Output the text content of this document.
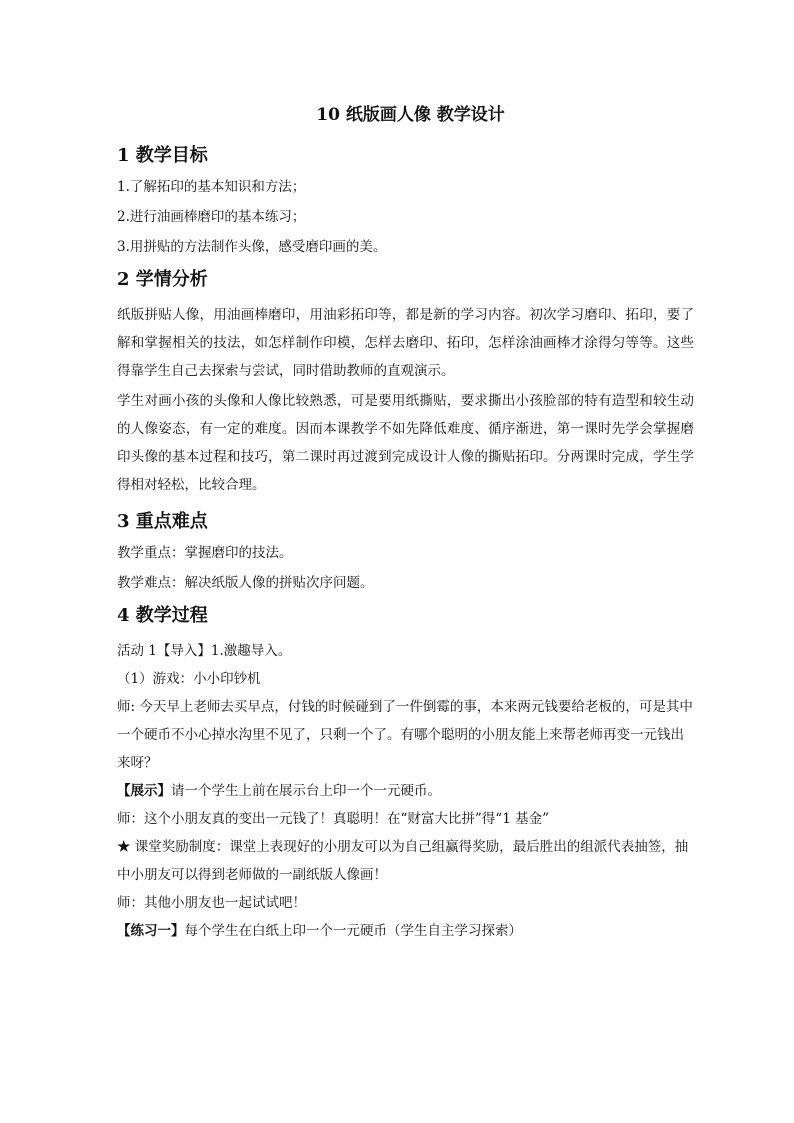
10 纸版画人像 教学设计
1 教学目标
1.了解拓印的基本知识和方法；
2.进行油画棒磨印的基本练习；
3.用拼贴的方法制作头像，感受磨印画的美。
2 学情分析
纸版拼贴人像，用油画棒磨印，用油彩拓印等，都是新的学习内容。初次学习磨印、拓印，要了解和掌握相关的技法，如怎样制作印模，怎样去磨印、拓印，怎样涂油画棒才涂得匀等等。这些得靠学生自己去探索与尝试，同时借助教师的直观演示。
学生对画小孩的头像和人像比较熟悉，可是要用纸撕贴，要求撕出小孩脸部的特有造型和较生动的人像姿态，有一定的难度。因而本课教学不如先降低难度、循序渐进，第一课时先学会掌握磨印头像的基本过程和技巧，第二课时再过渡到完成设计人像的撕贴拓印。分两课时完成，学生学得相对轻松，比较合理。
3 重点难点
教学重点：掌握磨印的技法。
教学难点：解决纸版人像的拼贴次序问题。
4 教学过程
活动 1【导入】1.激趣导入。
（1）游戏：小小印钞机
师: 今天早上老师去买早点，付钱的时候碰到了一件倒霉的事，本来两元钱要给老板的，可是其中一个硬币不小心掉水沟里不见了，只剩一个了。有哪个聪明的小朋友能上来帮老师再变一元钱出来呀？
【展示】请一个学生上前在展示台上印一个一元硬币。
师：这个小朋友真的变出一元钱了！真聪明！在“财富大比拼”得“1 基金”
★ 课堂奖励制度：课堂上表现好的小朋友可以为自己组赢得奖励，最后胜出的组派代表抽签，抽中小朋友可以得到老师做的一副纸版人像画！
师：其他小朋友也一起试试吧！
【练习一】每个学生在白纸上印一个一元硬币（学生自主学习探索）
